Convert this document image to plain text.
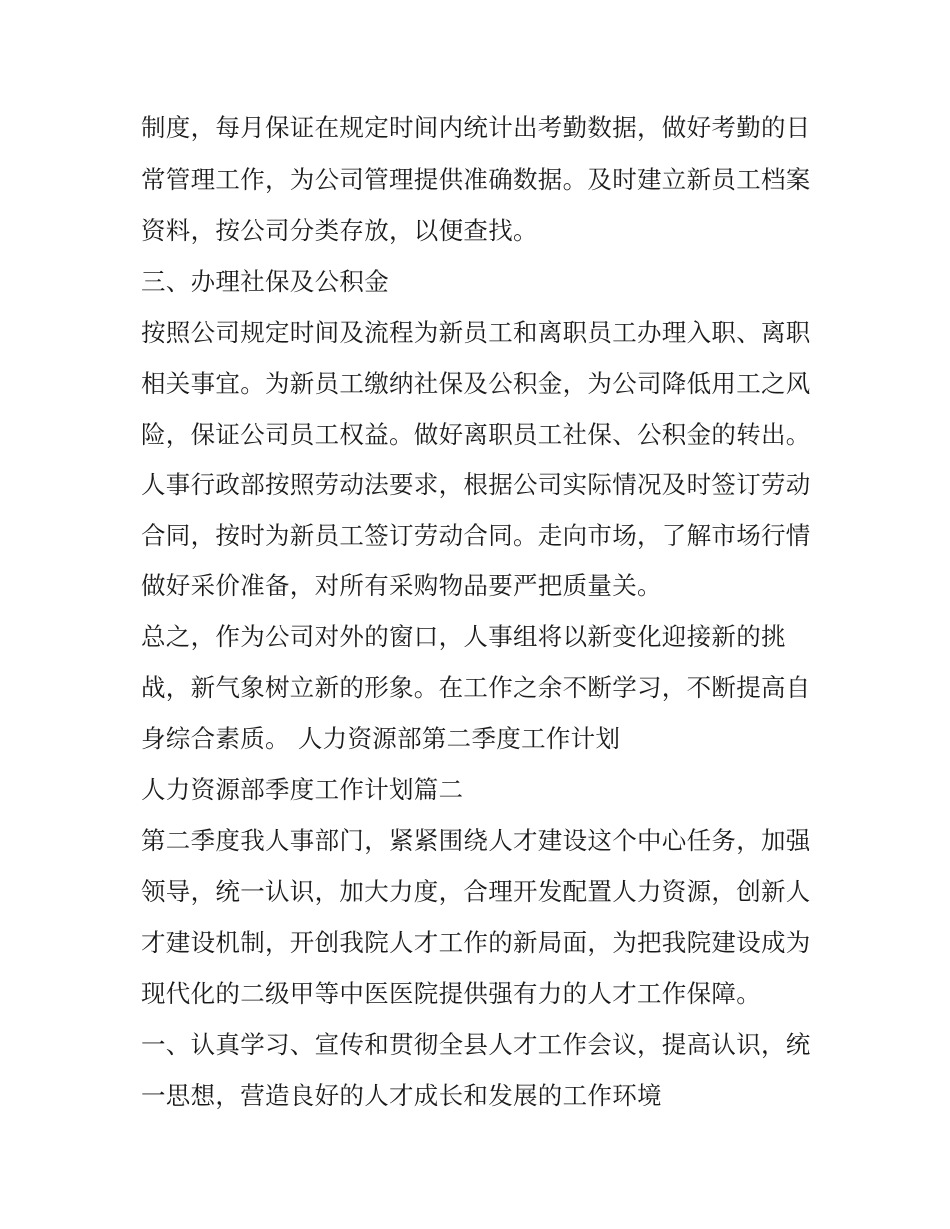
制度，每月保证在规定时间内统计出考勤数据，做好考勤的日
常管理工作，为公司管理提供准确数据。及时建立新员工档案
资料，按公司分类存放，以便查找。
三、办理社保及公积金
按照公司规定时间及流程为新员工和离职员工办理入职、离职
相关事宜。为新员工缴纳社保及公积金，为公司降低用工之风
险，保证公司员工权益。做好离职员工社保、公积金的转出。
人事行政部按照劳动法要求，根据公司实际情况及时签订劳动
合同，按时为新员工签订劳动合同。走向市场，了解市场行情
做好采价准备，对所有采购物品要严把质量关。
总之，作为公司对外的窗口，人事组将以新变化迎接新的挑
战，新气象树立新的形象。在工作之余不断学习，不断提高自
身综合素质。 人力资源部第二季度工作计划
人力资源部季度工作计划篇二
第二季度我人事部门，紧紧围绕人才建设这个中心任务，加强
领导，统一认识，加大力度，合理开发配置人力资源，创新人
才建设机制，开创我院人才工作的新局面，为把我院建设成为
现代化的二级甲等中医医院提供强有力的人才工作保障。
一、认真学习、宣传和贯彻全县人才工作会议，提高认识，统
一思想，营造良好的人才成长和发展的工作环境
